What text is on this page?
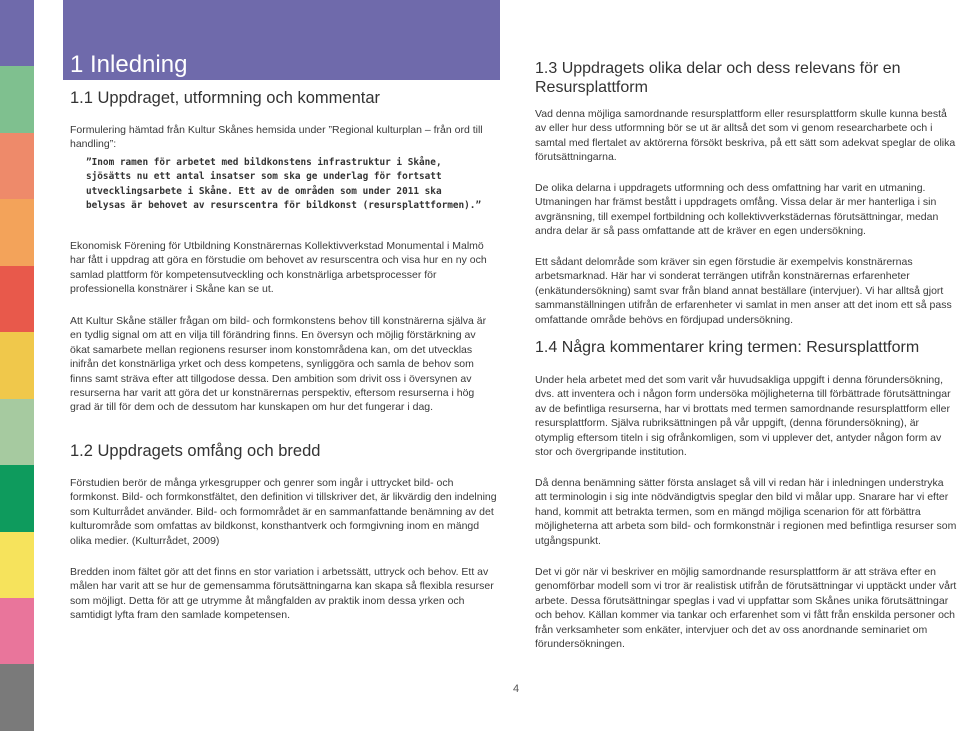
1 Inledning
1.1 Uppdraget, utformning och kommentar

Formulering hämtad från Kultur Skånes hemsida under ”Regional kulturplan – från ord till handling”:

”Inom ramen för arbetet med bildkonstens infrastruktur i Skåne, sjösätts nu ett antal insatser som ska ge underlag för fortsatt utvecklingsarbete i Skåne. Ett av de områden som under 2011 ska belysas är behovet av resurscentra för bildkonst (resursplattformen).”

Ekonomisk Förening för Utbildning Konstnärernas Kollektivverkstad Monumental i Malmö har fått i uppdrag att göra en förstudie om behovet av resurscentra och visa hur en ny och samlad plattform för kompetensutveckling och konstnärliga arbetsprocesser för professionella konstnärer i Skåne kan se ut.

Att Kultur Skåne ställer frågan om bild- och formkonstens behov till konstnärerna själva är en tydlig signal om att en vilja till förändring finns. En översyn och möjlig förstärkning av ökat samarbete mellan regionens resurser inom konstområdena kan, om det utvecklas inifrån det konstnärliga yrket och dess kompetens, synliggöra och samla de behov som finns samt sträva efter att tillgodose dessa. Den ambition som drivit oss i översynen av resurserna har varit att göra det ur konstnärernas perspektiv, eftersom resurserna i hög grad är till för dem och de dessutom har kunskapen om hur det fungerar i dag.

1.2 Uppdragets omfång och bredd

Förstudien berör de många yrkesgrupper och genrer som ingår i uttrycket bild- och formkonst. Bild- och formkonstfältet, den definition vi tillskriver det, är likvärdig den indelning som Kulturrådet använder. Bild- och formområdet är en sammanfattande benämning av det kulturområde som omfattas av bildkonst, konsthantverk och formgivning inom en mängd olika medier. (Kulturrådet, 2009)

Bredden inom fältet gör att det finns en stor variation i arbetssätt, uttryck och behov. Ett av målen har varit att se hur de gemensamma förutsättningarna kan skapa så flexibla resurser som möjligt. Detta för att ge utrymme åt mångfalden av praktik inom dessa yrken och samtidigt lyfta fram den samlade kompetensen.

1.3 Uppdragets olika delar och dess relevans för en Resursplattform

Vad denna möjliga samordnande resursplattform eller resursplattform skulle kunna bestå av eller hur dess utformning bör se ut är alltså det som vi genom researcharbete och i samtal med flertalet av aktörerna försökt beskriva, på ett sätt som adekvat speglar de olika förutsättningarna.

De olika delarna i uppdragets utformning och dess omfattning har varit en utmaning. Utmaningen har främst bestått i uppdragets omfång. Vissa delar är mer hanterliga i sin avgränsning, till exempel fortbildning och kollektivverkstädernas förutsättningar, medan andra delar är så pass omfattande att de kräver en egen undersökning.

Ett sådant delområde som kräver sin egen förstudie är exempelvis konstnärernas arbetsmarknad. Här har vi sonderat terrängen utifrån konstnärernas erfarenheter (enkätundersökning) samt svar från bland annat beställare (intervjuer). Vi har alltså gjort sammanställningen utifrån de erfarenheter vi samlat in men anser att det inom ett så pass omfattande område behövs en fördjupad undersökning.

1.4 Några kommentarer kring termen: Resursplattform

Under hela arbetet med det som varit vår huvudsakliga uppgift i denna förundersökning, dvs. att inventera och i någon form undersöka möjligheterna till förbättrade förutsättningar av de befintliga resurserna, har vi brottats med termen samordnande resursplattform eller resursplattform. Själva rubriksättningen på vår uppgift, (denna förundersökning), är otymplig eftersom titeln i sig ofrånkomligen, som vi upplever det, antyder någon form av stor och övergripande institution.

Då denna benämning sätter första anslaget så vill vi redan här i inledningen understryka att terminologin i sig inte nödvändigtvis speglar den bild vi målar upp. Snarare har vi efter hand, kommit att betrakta termen, som en mängd möjliga scenarion för att förbättra möjligheterna att arbeta som bild- och formkonstnär i regionen med befintliga resurser som utgångspunkt.

Det vi gör när vi beskriver en möjlig samordnande resursplattform är att sträva efter en genomförbar modell som vi tror är realistisk utifrån de förutsättningar vi upptäckt under vårt arbete. Dessa förutsättningar speglas i vad vi uppfattar som Skånes unika förutsättningar och behov. Källan kommer via tankar och erfarenhet som vi fått från enskilda personer och från verksamheter som enkäter, intervjuer och det av oss anordnande seminariet om förundersökningen.

4
